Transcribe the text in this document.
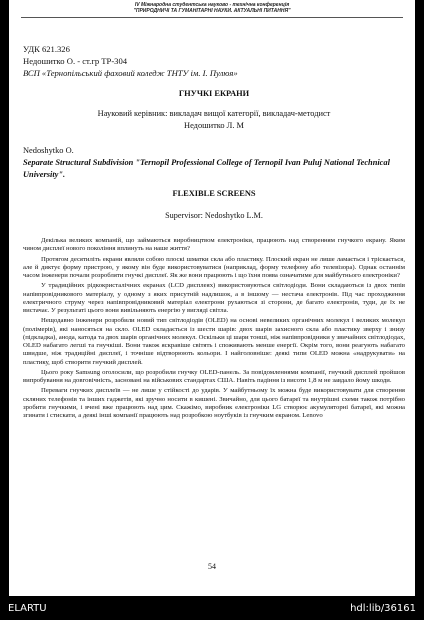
IV Міжнародна студентська науково - технічна конференція
"ПРИРОДНИЧІ ТА ГУМАНІТАРНІ НАУКИ. АКТУАЛЬНІ ПИТАННЯ"
УДК 621.326
Недошитко О. - ст.гр ТР-304
ВСП «Тернопільський фаховий коледж ТНТУ ім. І. Пулюя»
ГНУЧКІ ЕКРАНИ
Науковий керівник: викладач вищої категорії, викладач-методист
Недошитко Л. М
Nedoshytko O.
Separate Structural Subdivision "Ternopil Professional College of Ternopil Ivan Puluj National Technical University".
FLEXIBLE SCREENS
Supervisor: Nedoshytko L.M.

Декілька великих компаній, що займаються виробництвом електроніки, працюють над створенням гнучкого екрану. Яким чином дисплеї нового покоління вплинуть на наше життя?

Протягом десятиліть екрани являли собою плоскі шматки скла або пластику. Плоский екран не лише ламається і тріскається, але й диктує форму пристрою, у якому він буде використовуватися (наприклад, форму телефону або телевізора). Однак останнім часом інженери почали розробляти гнучкі дисплеї. Як же вони працюють і що їхня поява означатиме для майбутнього електроніки?

У традиційних рідкокристалічних екранах (LCD дисплеях) використовуються світлодіоди. Вони складаються із двох типів напівпровідникового матеріалу, у одному з яких присутній надлишок, а в іншому — нестача електронів. Під час проходження електричного струму через напівпровідниковий матеріал електрони рухаються зі сторони, де багато електронів, туди, де їх не вистачає. У результаті цього вони вивільняють енергію у вигляді світла.

Нещодавно інженери розробили новий тип світлодіодів (OLED) на основі невеликих органічних молекул і великих молекул (полімерів), які наносяться на скло. OLED складається із шести шарів: двох шарів захисного скла або пластику зверху і знизу (підкладка), анода, катода та двох шарів органічних молекул. Оскільки ці шари тонші, ніж напівпровідники у звичайних світлодіодах, OLED набагато легші та гнучкіші. Вони також яскравіше світять і споживають менше енергії. Окрім того, вони реагують набагато швидше, ніж традиційні дисплеї, і точніше відтворюють кольори. І найголовніше: деякі типи OLED можна «надрукувати» на пластику, щоб створити гнучкий дисплей.

Цього року Samsung оголосили, що розробили гнучку OLED-панель. За повідомленнями компанії, гнучкий дисплей пройшов випробування на довговічність, засновані на військових стандартах США. Навіть падіння із висоти 1,8 м не завдало йому шкоди.

Переваги гнучких дисплеїв — не лише у стійкості до ударів. У майбутньому їх можна буде використовувати для створення скляних телефонів та інших гаджетів, які зручно носити в кишені. Звичайно, для цього батареї та внутрішні схеми також потрібно зробити гнучкими, і вчені вже працюють над цим. Скажімо, виробник електроніки LG створює акумуляторні батареї, які можна згинати і стискати, а деякі інші компанії працюють над розробкою ноутбуків із гнучким екраном. Lenovo

54
ELARTU	hdl:lib/36161
